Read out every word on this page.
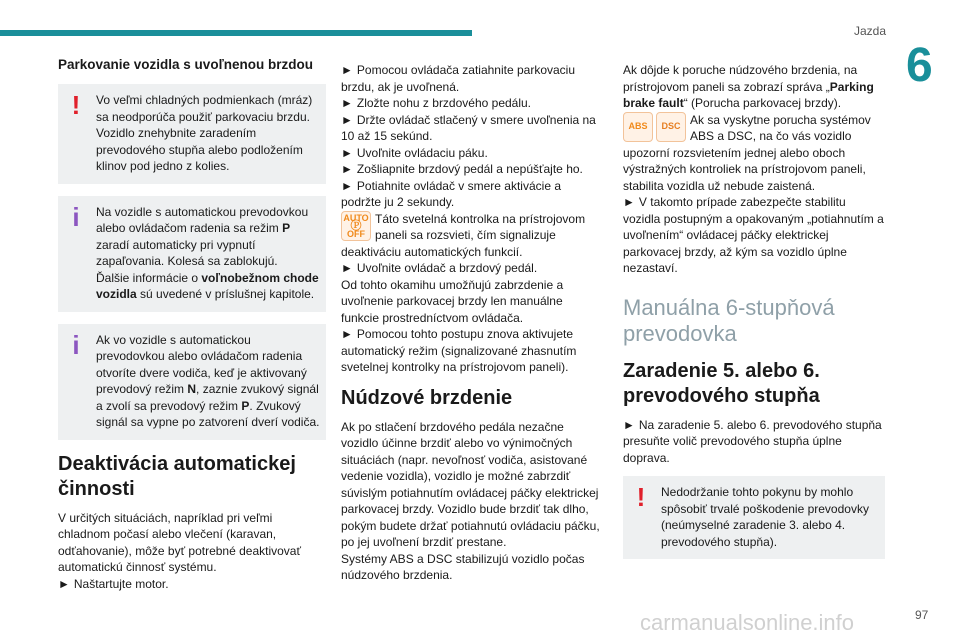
Jazda
6

Parkovanie vozidla s uvoľnenou brzdou

!	Vo veľmi chladných podmienkach (mráz) sa neodporúča použiť parkovaciu brzdu. Vozidlo znehybnite zaradením prevodového stupňa alebo podložením klinov pod jedno z kolies.

i	Na vozidle s automatickou prevodovkou alebo ovládačom radenia sa režim P zaradí automaticky pri vypnutí zapaľovania. Kolesá sa zablokujú.

Ďalšie informácie o voľnobežnom chode vozidla sú uvedené v príslušnej kapitole.

i	Ak vo vozidle s automatickou prevodovkou alebo ovládačom radenia otvoríte dvere vodiča, keď je aktivovaný prevodový režim N, zaznie zvukový signál a zvolí sa prevodový režim P. Zvukový signál sa vypne po zatvorení dverí vodiča.

Deaktivácia automatickej činnosti

V určitých situáciách, napríklad pri veľmi chladnom počasí alebo vlečení (karavan, odťahovanie), môže byť potrebné deaktivovať automatickú činnosť systému.

► Naštartujte motor.

► Pomocou ovládača zatiahnite parkovaciu brzdu, ak je uvoľnená.

► Zložte nohu z brzdového pedálu.

► Držte ovládač stlačený v smere uvoľnenia na 10 až 15 sekúnd.

► Uvoľnite ovládaciu páku.

► Zošliapnite brzdový pedál a nepúšťajte ho.

► Potiahnite ovládač v smere aktivácie a podržte ju 2 sekundy.

AUTO
Ⓟ
OFF
Táto svetelná kontrolka na prístrojovom paneli sa rozsvieti, čím signalizuje deaktiváciu automatických funkcií.

► Uvoľnite ovládač a brzdový pedál.

Od tohto okamihu umožňujú zabrzdenie a uvoľnenie parkovacej brzdy len manuálne funkcie prostredníctvom ovládača.

► Pomocou tohto postupu znova aktivujete automatický režim (signalizované zhasnutím svetelnej kontrolky na prístrojovom paneli).

Núdzové brzdenie

Ak po stlačení brzdového pedála nezačne vozidlo účinne brzdiť alebo vo výnimočných situáciách (napr. nevoľnosť vodiča, asistované vedenie vozidla), vozidlo je možné zabrzdiť súvislým potiahnutím ovládacej páčky elektrickej parkovacej brzdy. Vozidlo bude brzdiť tak dlho, pokým budete držať potiahnutú ovládaciu páčku, po jej uvoľnení brzdiť prestane.

Systémy ABS a DSC stabilizujú vozidlo počas núdzového brzdenia.

Ak dôjde k poruche núdzového brzdenia, na prístrojovom paneli sa zobrazí správa „Parking brake fault“ (Porucha parkovacej brzdy).

ABS	DSC Ak sa vyskytne porucha systémov ABS a DSC, na čo vás vozidlo upozorní rozsvietením jednej alebo oboch výstražných kontroliek na prístrojovom paneli, stabilita vozidla už nebude zaistená.

► V takomto prípade zabezpečte stabilitu vozidla postupným a opakovaným „potiahnutím a uvoľnením“ ovládacej páčky elektrickej parkovacej brzdy, až kým sa vozidlo úplne nezastaví.

Manuálna 6-stupňová prevodovka

Zaradenie 5. alebo 6. prevodového stupňa

► Na zaradenie 5. alebo 6. prevodového stupňa presuňte volič prevodového stupňa úplne doprava.

!	Nedodržanie tohto pokynu by mohlo spôsobiť trvalé poškodenie prevodovky (neúmyselné zaradenie 3. alebo 4. prevodového stupňa).

carmanualsonline.info	97
